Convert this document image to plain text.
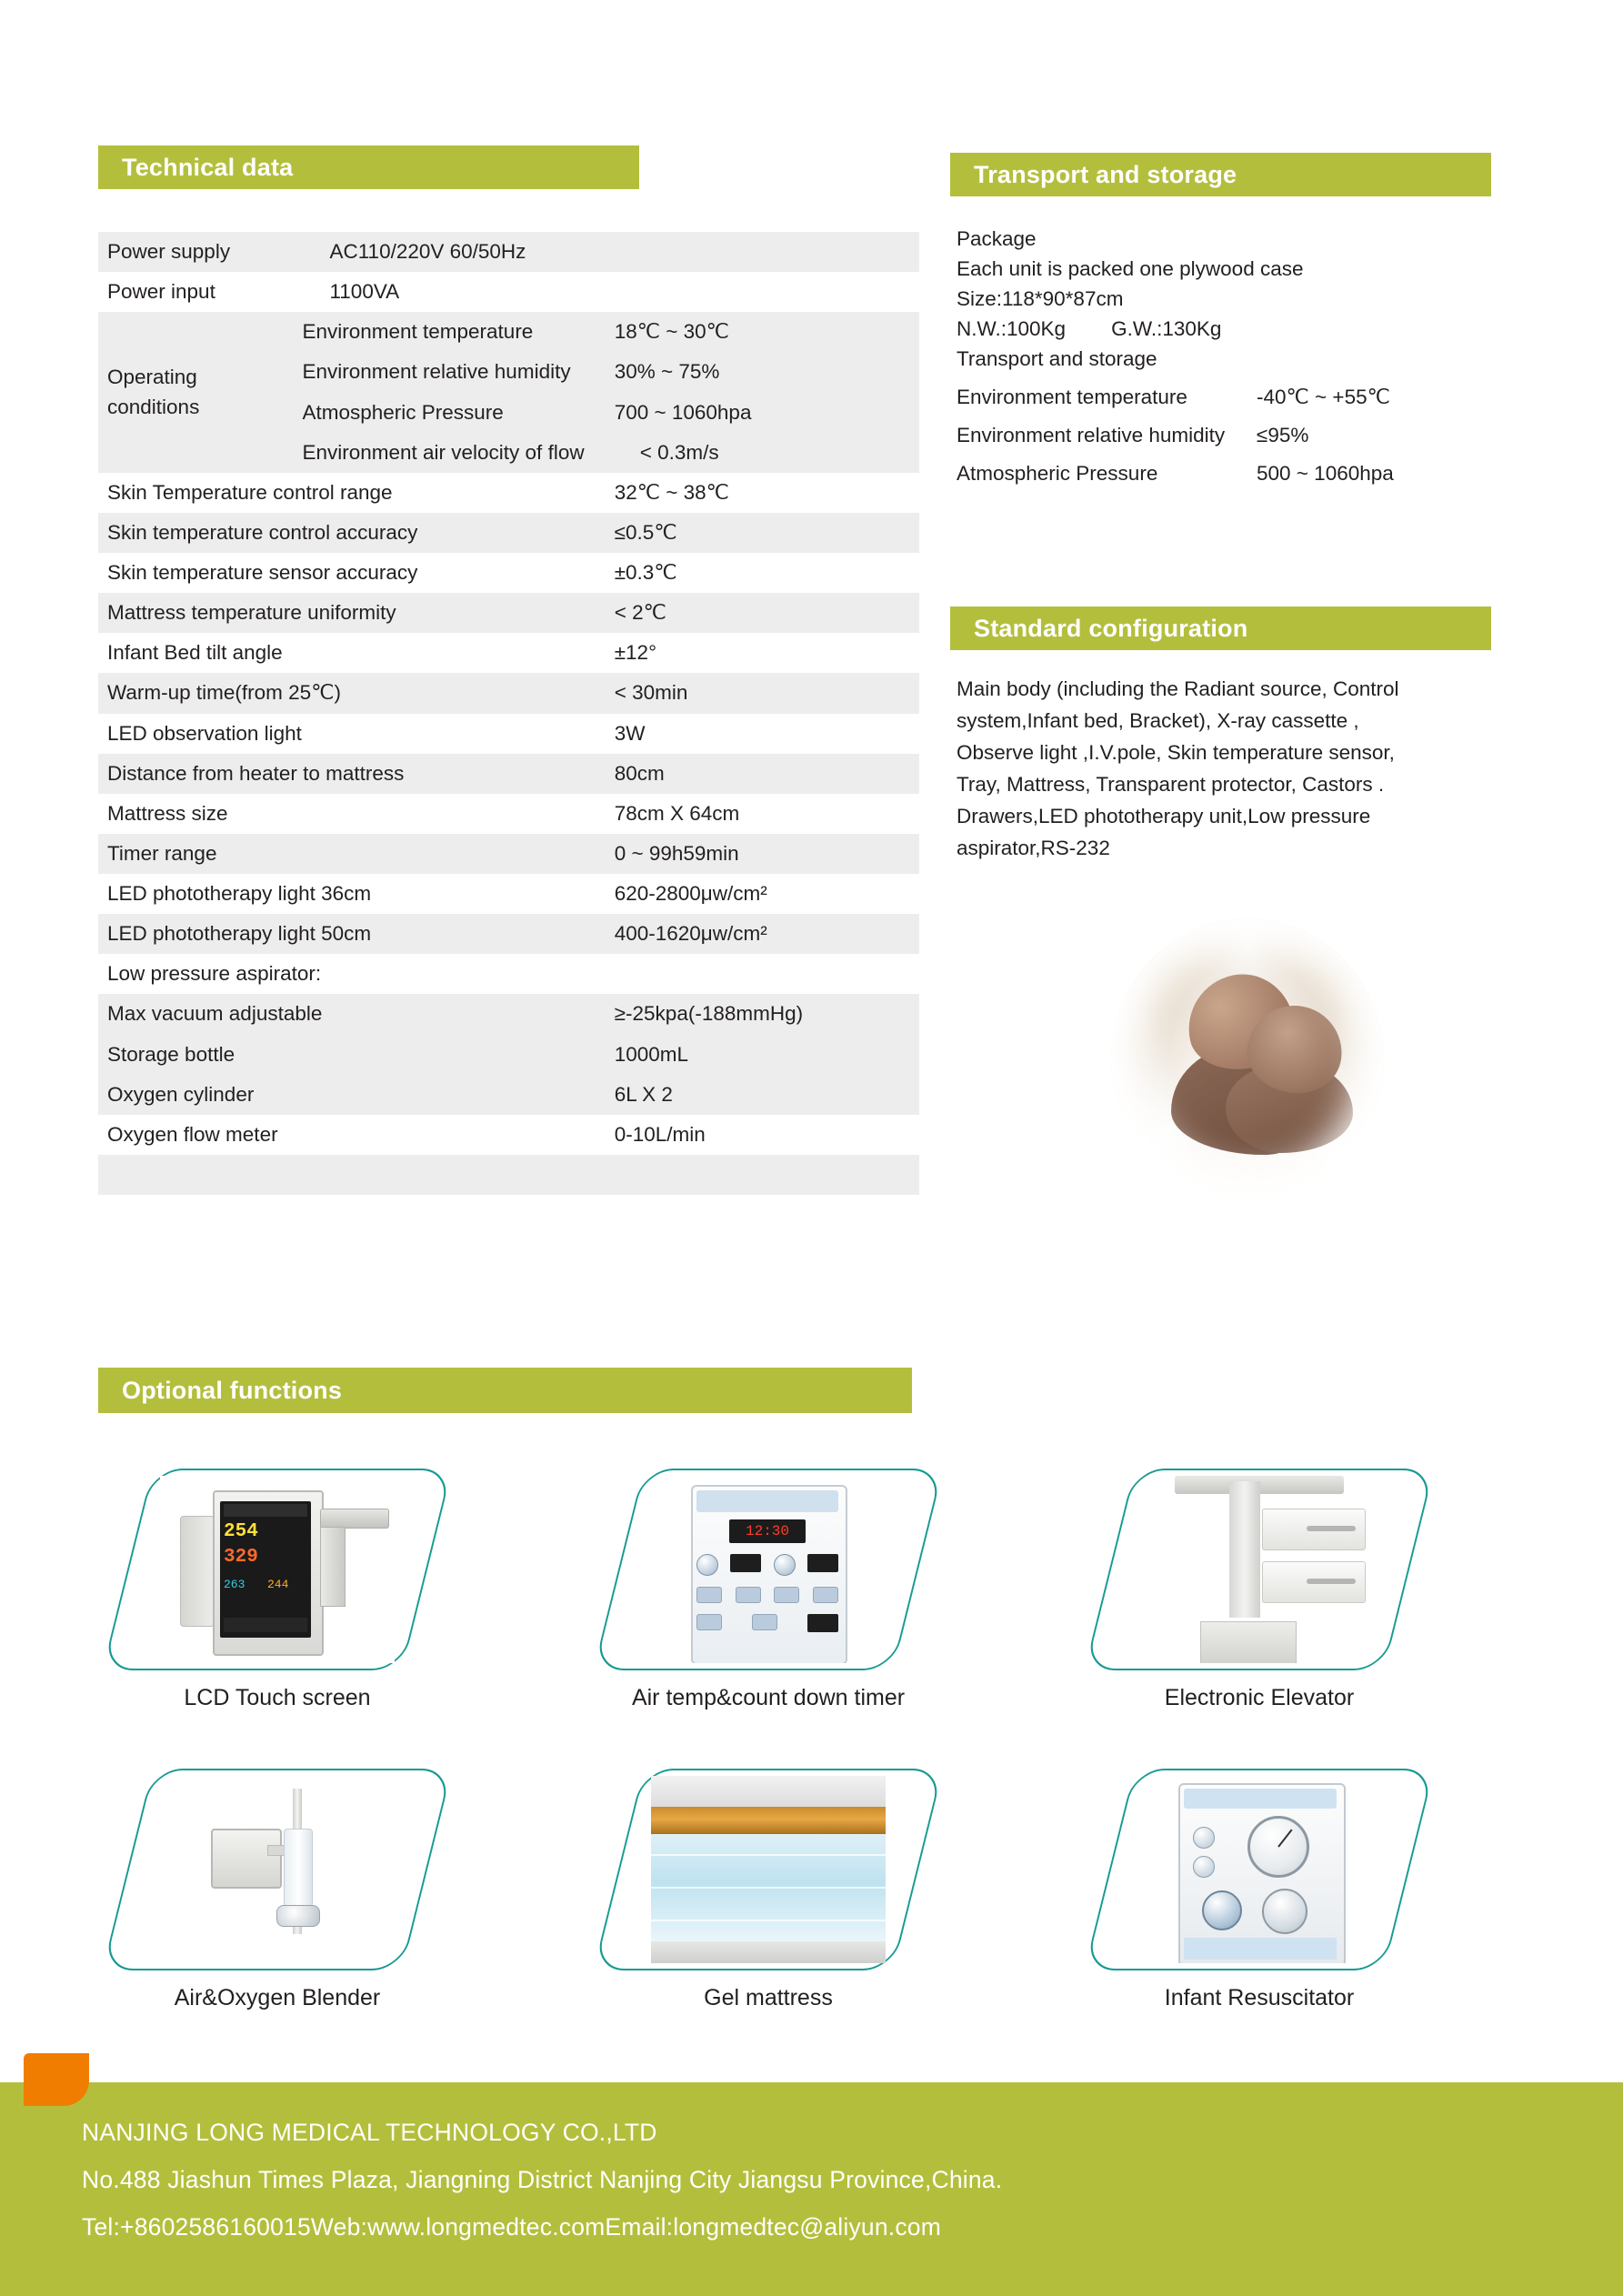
Technical data
Power supply	AC110/220V 60/50Hz	
Power input	1100VA	
Operating conditions	Environment temperature	18℃ ~ 30℃
	Environment relative humidity	30% ~ 75%
	Atmospheric Pressure	700 ~ 1060hpa
	Environment air velocity of flow	< 0.3m/s
Skin Temperature control range		32℃ ~ 38℃
Skin temperature control accuracy		≤0.5℃
Skin temperature sensor accuracy		±0.3℃
Mattress temperature uniformity		< 2℃
Infant Bed tilt angle		±12°
Warm-up time(from 25℃)		< 30min
LED observation light		3W
Distance from heater to mattress		80cm
Mattress size		78cm X 64cm
Timer range		0 ~ 99h59min
LED phototherapy light 36cm		620-2800μw/cm²
LED phototherapy light 50cm		400-1620μw/cm²
Low pressure aspirator:		
Max vacuum adjustable		≥-25kpa(-188mmHg)
Storage bottle		1000mL
Oxygen cylinder		6L X 2
Oxygen flow meter		0-10L/min

Transport and storage
Package
Each unit is packed one plywood case
Size:118*90*87cm
N.W.:100Kg        G.W.:130Kg
Transport and storage
Environment temperature	-40℃ ~ +55℃
Environment relative humidity	≤95%
Atmospheric Pressure	500 ~ 1060hpa
Standard configuration
Main body (including the Radiant source, Control
system,Infant bed, Bracket), X-ray cassette ,
Observe light ,I.V.pole, Skin temperature sensor,
Tray, Mattress, Transparent protector, Castors .
Drawers,LED phototherapy unit,Low pressure
aspirator,RS-232
Optional functions
254
329
263 244
LCD Touch screen
12:30
Air temp&count down timer	Electronic Elevator
Air&Oxygen Blender	Gel mattress	Infant Resuscitator
NANJING LONG MEDICAL TECHNOLOGY CO.,LTD
No.488 Jiashun Times Plaza, Jiangning District Nanjing City Jiangsu Province,China.
Tel:+8602586160015Web:www.longmedtec.comEmail:longmedtec@aliyun.com
